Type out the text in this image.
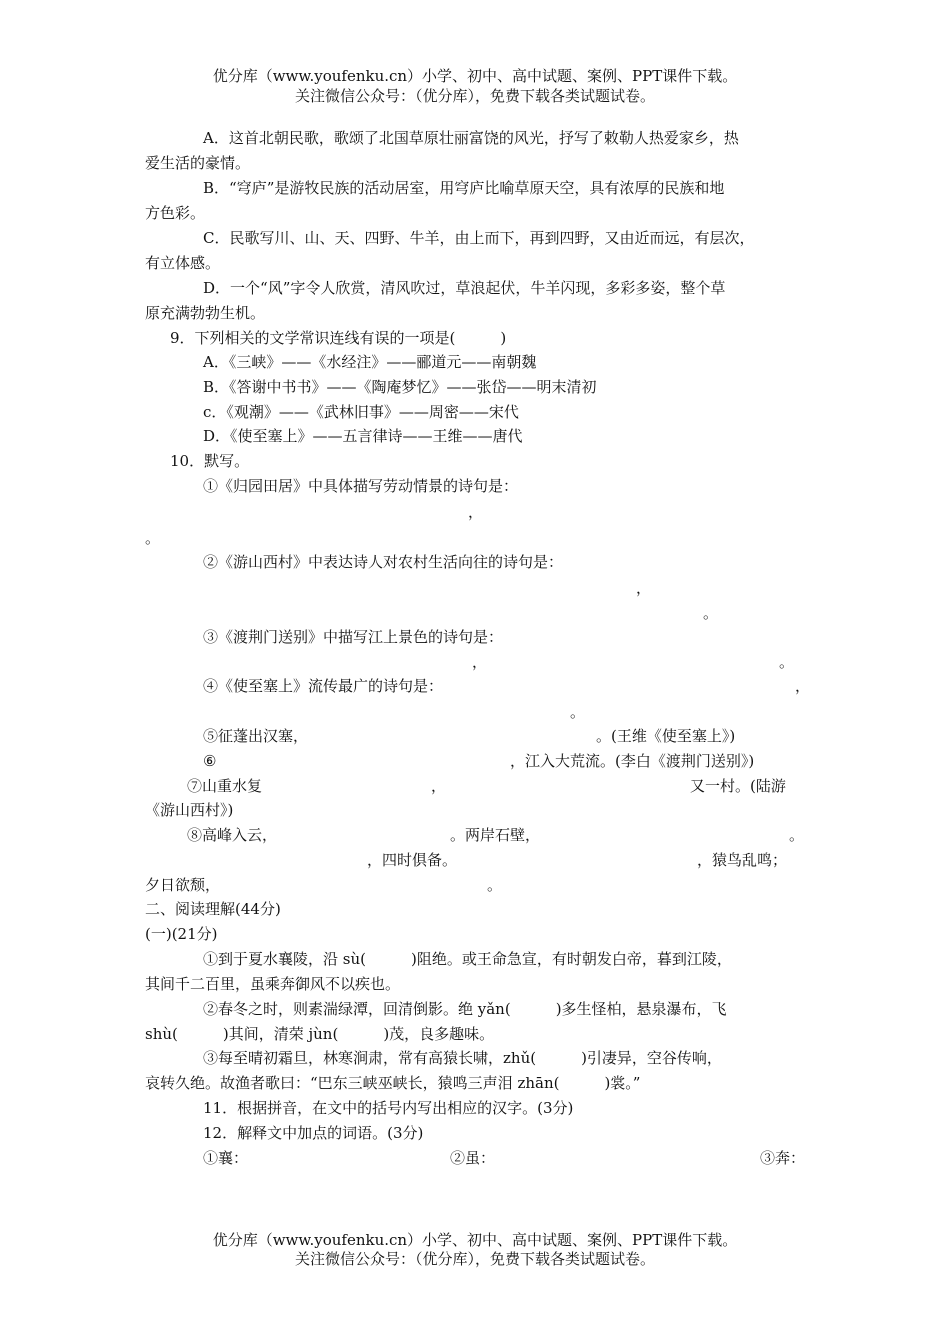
优分库（www.youfenku.cn）小学、初中、高中试题、案例、PPT课件下载。
关注微信公众号：（优分库），免费下载各类试题试卷。
A．这首北朝民歌，歌颂了北国草原壮丽富饶的风光，抒写了敕勒人热爱家乡，热
爱生活的豪情。
B．“穹庐”是游牧民族的活动居室，用穹庐比喻草原天空，具有浓厚的民族和地
方色彩。
C．民歌写川、山、天、四野、牛羊，由上而下，再到四野，又由近而远，有层次，
有立体感。
D．一个“风”字令人欣赏，清风吹过，草浪起伏，牛羊闪现，多彩多姿，整个草
原充满勃勃生机。
9．下列相关的文学常识连线有误的一项是(　　　)
A．《三峡》——《水经注》——郦道元——南朝魏
B．《答谢中书书》——《陶庵梦忆》——张岱——明末清初
c．《观潮》——《武林旧事》——周密——宋代
D．《使至塞上》——五言律诗——王维——唐代
10．默写。
①《归园田居》中具体描写劳动情景的诗句是：
，
。
②《游山西村》中表达诗人对农村生活向往的诗句是：
，
。
③《渡荆门送别》中描写江上景色的诗句是：
，	。
④《使至塞上》流传最广的诗句是：	，
。
⑤征蓬出汉塞，	。(王维《使至塞上》)
⑥	，江入大荒流。(李白《渡荆门送别》)
⑦山重水复	，	又一村。(陆游
《游山西村》)
⑧高峰入云，	。两岸石壁，	。
，四时俱备。	，猿鸟乱鸣；
夕日欲颓，	。
二、阅读理解(44分)
(一)(21分)
①到于夏水襄陵，沿 sù(　　　)阻绝。或王命急宣，有时朝发白帝，暮到江陵，
其间千二百里，虽乘奔御风不以疾也。
②春冬之时，则素湍绿潭，回清倒影。绝 yǎn(　　　)多生怪柏，悬泉瀑布，飞
shù(　　　)其间，清荣 jùn(　　　)茂，良多趣味。
③每至晴初霜旦，林寒涧肃，常有高猿长啸，zhǔ(　　　)引凄异，空谷传响，
哀转久绝。故渔者歌曰：“巴东三峡巫峡长，猿鸣三声泪 zhān(　　　)裳。”
11．根据拼音，在文中的括号内写出相应的汉字。(3分)
12．解释文中加点的词语。(3分)
①襄：	②虽：	③奔：
优分库（www.youfenku.cn）小学、初中、高中试题、案例、PPT课件下载。
关注微信公众号：（优分库），免费下载各类试题试卷。
